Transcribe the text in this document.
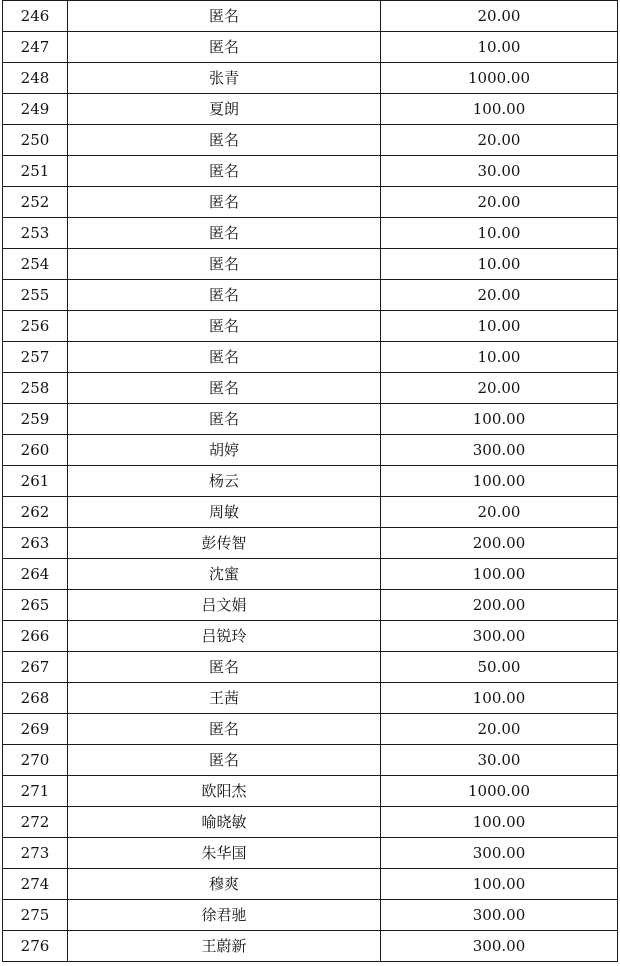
246	匿名	20.00
247	匿名	10.00
248	张青	1000.00
249	夏朗	100.00
250	匿名	20.00
251	匿名	30.00
252	匿名	20.00
253	匿名	10.00
254	匿名	10.00
255	匿名	20.00
256	匿名	10.00
257	匿名	10.00
258	匿名	20.00
259	匿名	100.00
260	胡婷	300.00
261	杨云	100.00
262	周敏	20.00
263	彭传智	200.00
264	沈蜜	100.00
265	吕文娟	200.00
266	吕锐玲	300.00
267	匿名	50.00
268	王茜	100.00
269	匿名	20.00
270	匿名	30.00
271	欧阳杰	1000.00
272	喻晓敏	100.00
273	朱华国	300.00
274	穆爽	100.00
275	徐君驰	300.00
276	王蔚新	300.00
